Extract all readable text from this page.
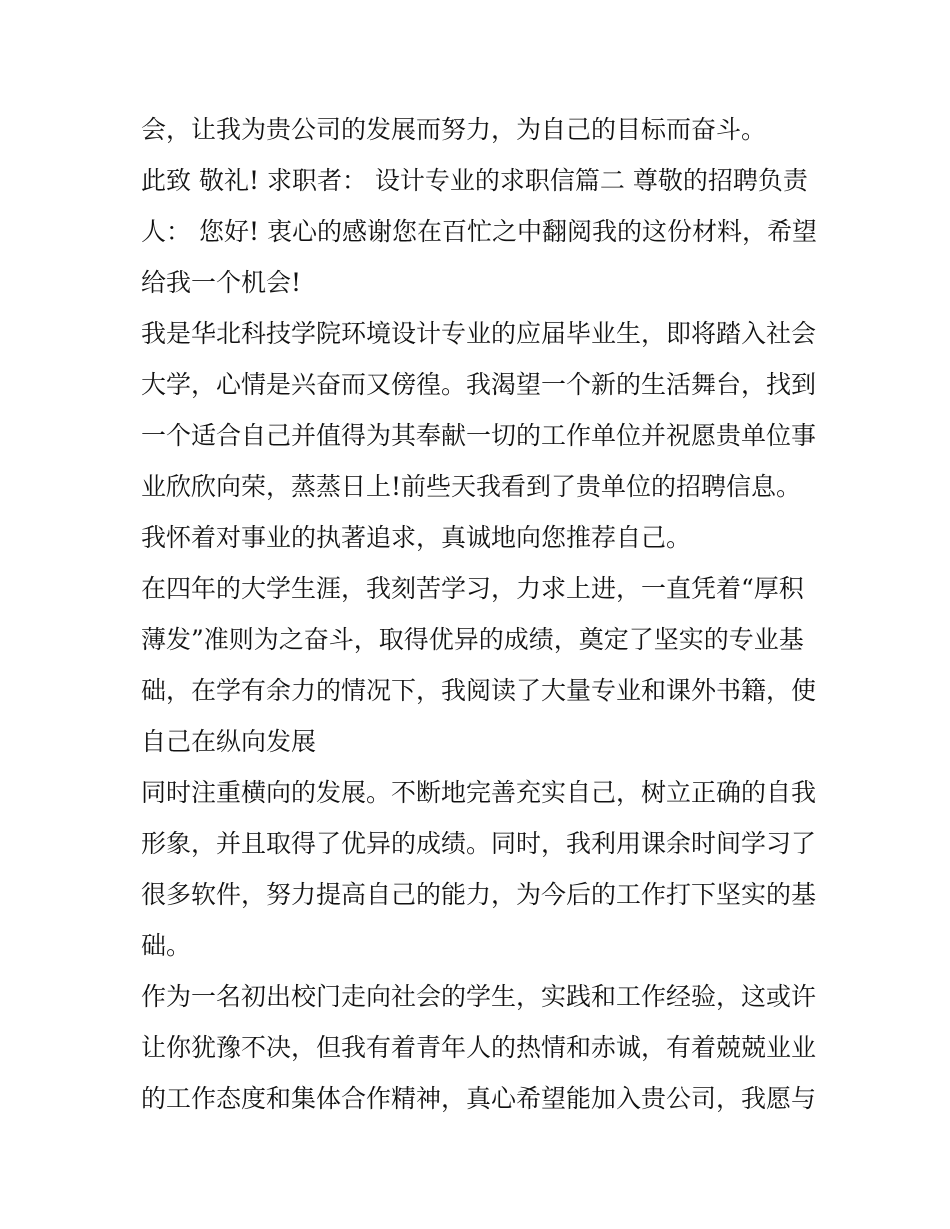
会，让我为贵公司的发展而努力，为自己的目标而奋斗。
此致 敬礼! 求职者： 设计专业的求职信篇二 尊敬的招聘负责
人： 您好! 衷心的感谢您在百忙之中翻阅我的这份材料，希望
给我一个机会!
我是华北科技学院环境设计专业的应届毕业生，即将踏入社会
大学，心情是兴奋而又傍徨。我渴望一个新的生活舞台，找到
一个适合自己并值得为其奉献一切的工作单位并祝愿贵单位事
业欣欣向荣，蒸蒸日上!前些天我看到了贵单位的招聘信息。
我怀着对事业的执著追求，真诚地向您推荐自己。
在四年的大学生涯，我刻苦学习，力求上进，一直凭着“厚积
薄发”准则为之奋斗，取得优异的成绩，奠定了坚实的专业基
础，在学有余力的情况下，我阅读了大量专业和课外书籍，使
自己在纵向发展
同时注重横向的发展。不断地完善充实自己，树立正确的自我
形象，并且取得了优异的成绩。同时，我利用课余时间学习了
很多软件，努力提高自己的能力，为今后的工作打下坚实的基
础。
作为一名初出校门走向社会的学生，实践和工作经验，这或许
让你犹豫不决，但我有着青年人的热情和赤诚，有着兢兢业业
的工作态度和集体合作精神，真心希望能加入贵公司，我愿与
